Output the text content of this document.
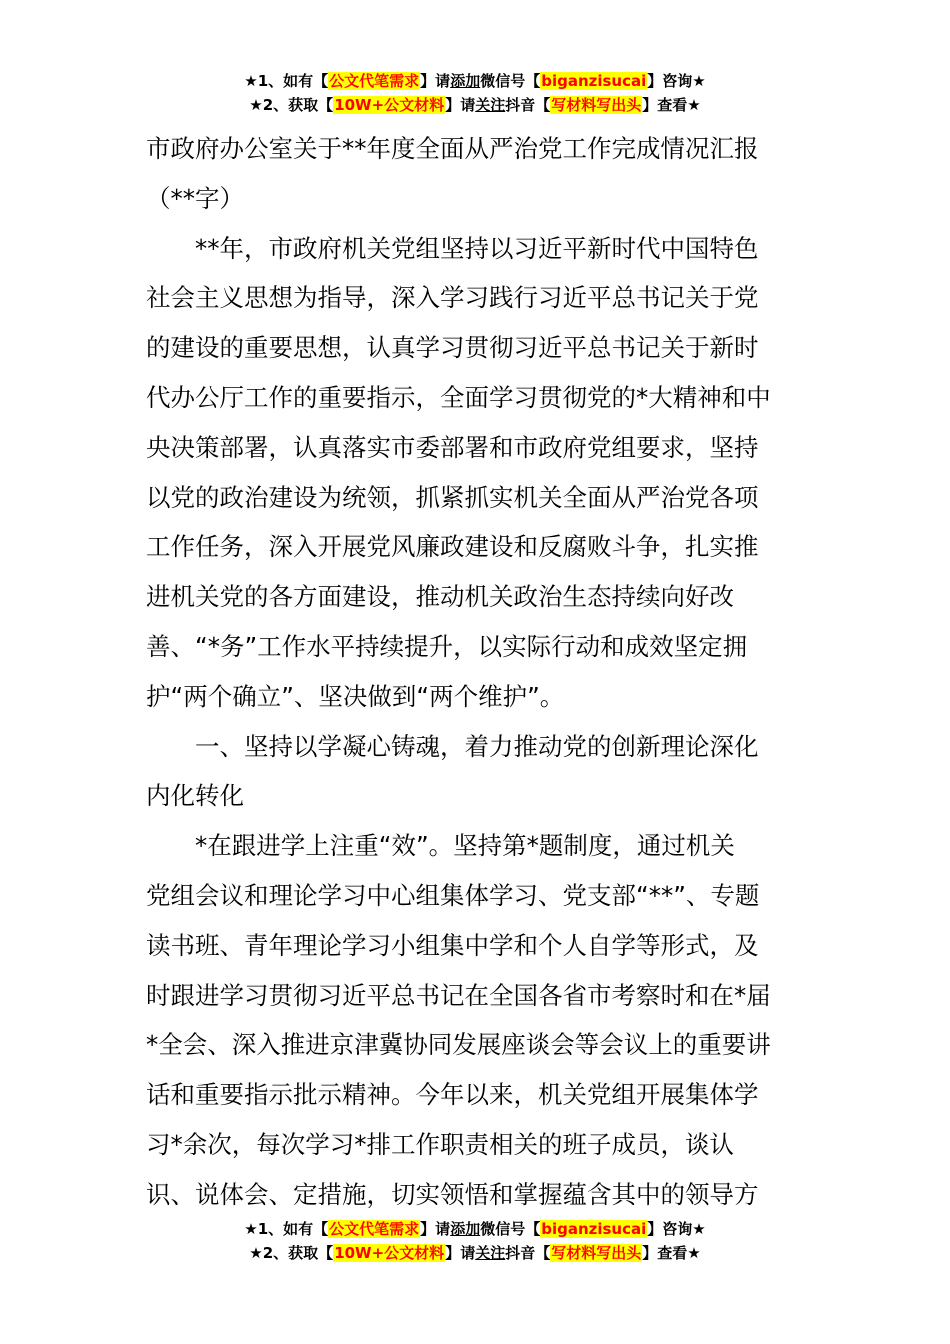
★1、如有【公文代笔需求】请添加微信号【biganzisucai】咨询★
★2、获取【10W+公文材料】请关注抖音【写材料写出头】查看★

市政府办公室关于**年度全面从严治党工作完成情况汇报

（**字）

**年，市政府机关党组坚持以习近平新时代中国特色

社会主义思想为指导，深入学习践行习近平总书记关于党

的建设的重要思想，认真学习贯彻习近平总书记关于新时

代办公厅工作的重要指示，全面学习贯彻党的*大精神和中

央决策部署，认真落实市委部署和市政府党组要求，坚持

以党的政治建设为统领，抓紧抓实机关全面从严治党各项

工作任务，深入开展党风廉政建设和反腐败斗争，扎实推

进机关党的各方面建设，推动机关政治生态持续向好改

善、“*务”工作水平持续提升，以实际行动和成效坚定拥

护“两个确立”、坚决做到“两个维护”。

一、坚持以学凝心铸魂，着力推动党的创新理论深化

内化转化

*在跟进学上注重“效”。坚持第*题制度，通过机关

党组会议和理论学习中心组集体学习、党支部“**”、专题

读书班、青年理论学习小组集中学和个人自学等形式，及

时跟进学习贯彻习近平总书记在全国各省市考察时和在*届

*全会、深入推进京津冀协同发展座谈会等会议上的重要讲

话和重要指示批示精神。今年以来，机关党组开展集体学

习*余次，每次学习*排工作职责相关的班子成员，谈认

识、说体会、定措施，切实领悟和掌握蕴含其中的领导方

★1、如有【公文代笔需求】请添加微信号【biganzisucai】咨询★
★2、获取【10W+公文材料】请关注抖音【写材料写出头】查看★
